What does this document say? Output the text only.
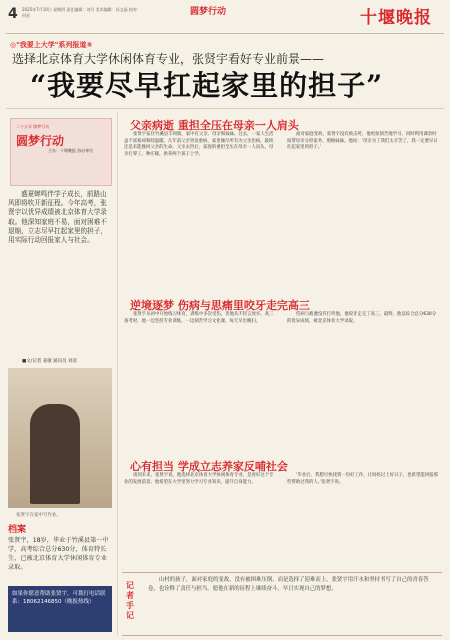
4 2025年7月10日 星期四 责任编辑：刘月 美术编辑：孙文晶 校对：何亚	圆梦行动	十堰晚报
◎"我要上大学"系列报道⑤
选择北京体育大学休闲体育专业，张贤宇看好专业前景——
“我要尽早扛起家里的担子”
二十五年 圆梦行动
圆梦行动
主办：十堰晚报 协办单位
盛夏蝉鸣伴学子成长，前路山风即将吹开新征程。今年高考，张贤宇以优异成绩被北京体育大学录取。他深知家庭不易，面对困难不退缩，立志尽早扛起家里的担子，用实际行动回报家人与社会。
■文/记者 姜敏 通讯员 刘彦
张贤宇在家中写作业。
档案
张贤宇，18岁，毕业于竹溪县第一中学，高考综合总分630分，体育特长生，已被北京体育大学休闲体育专业录取。
如果你愿意帮助张贤宇，可拨打电话联系：18062146850（晚报热线）
父亲病逝 重担全压在母亲一人肩头
张贤宇家住竹溪县丰坝镇，家中有父亲、母亲和妹妹。过去，一家人生活虽不富裕却和睦温暖。几年前父亲突发重病，家里倾尽所有为父亲治病，最终还是未能挽回父亲的生命。父亲去世后，家庭的重担全压在母亲一人肩头，母亲打零工、种庄稼，供养两个孩子上学。
面对家庭变故，张贤宇没有被击垮，他更加刻苦地学习，同时利用课余时间帮母亲分担家务、照顾妹妹。他说：‘母亲为了我们太辛苦了，我一定要早日扛起家里的担子。’
逆境逐梦 伤病与思痛里咬牙走完高三
张贤宇从初中开始练习体育，训练中多次受伤，但他从不轻言放弃。高三备考时，他一边坚持专业训练，一边刻苦学习文化课，每天早出晚归。
伤病与疲惫没有打垮他，他咬牙走完了高三。最终，他以综合总分630分的优异成绩，被北京体育大学录取。
心有担当 学成立志养家反哺社会
谈到未来，张贤宇说，他选择北京体育大学休闲体育专业，是看好这个专业的发展前景。他希望在大学里努力学习专业知识，提升自身能力。
‘毕业后，我想尽快找到一份好工作，让妈妈过上好日子，也希望能回报那些帮助过我的人。’张贤宇说。
记者手记
山村的孩子，面对家庭的变故，没有被困难压倒，而是选择了迎难而上。张贤宇用汗水和坚持书写了自己的青春答卷，也诠释了责任与担当。愿他在新的征程上继续奋斗，早日实现自己的梦想。
